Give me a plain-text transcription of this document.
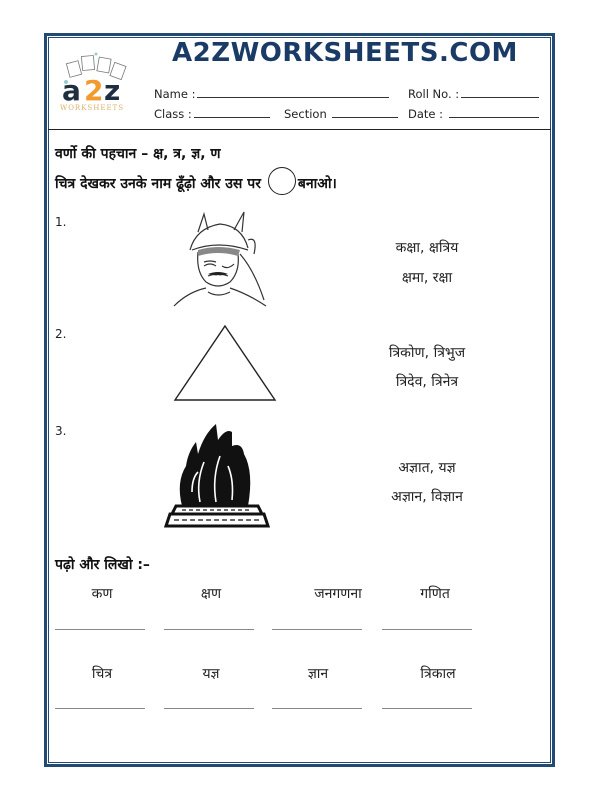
a 2 z
WORKSHEETS
A2ZWORKSHEETS.COM
Name :	Roll No. :
Class :	Section	Date :
वर्णो की पहचान – क्ष, त्र, ज्ञ, ण
चित्र देखकर उनके नाम ढूँढ़ो और उस पर	बनाओ।
1.
कक्षा, क्षत्रिय
क्षमा, रक्षा
2.
त्रिकोण, त्रिभुज
त्रिदेव, त्रिनेत्र
3.
अज्ञात, यज्ञ
अज्ञान, विज्ञान
पढ़ो और लिखो :–
कण	क्षण	जनगणना	गणित
चित्र	यज्ञ	ज्ञान	त्रिकाल
